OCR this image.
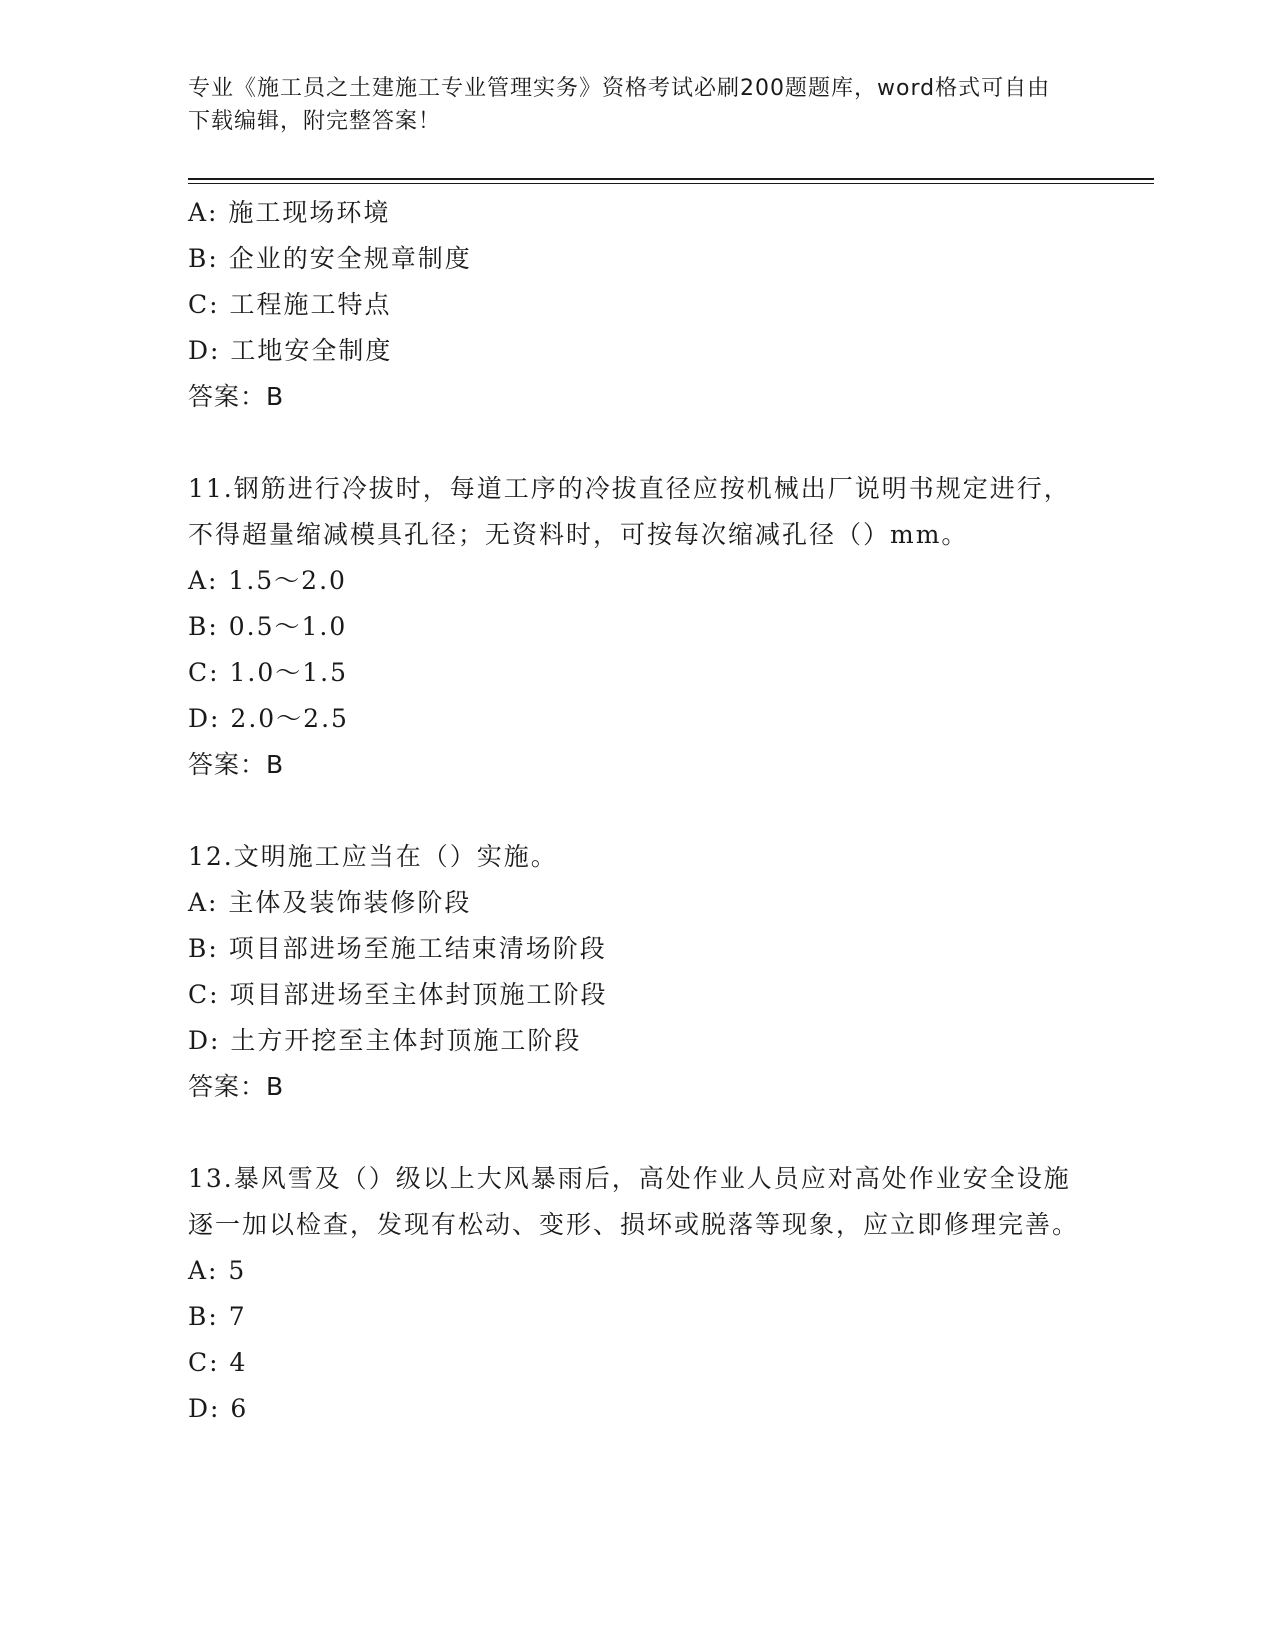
专业《施工员之土建施工专业管理实务》资格考试必刷200题题库，word格式可自由下载编辑，附完整答案！
A: 施工现场环境
B: 企业的安全规章制度
C: 工程施工特点
D: 工地安全制度
答案：B
11.钢筋进行冷拔时，每道工序的冷拔直径应按机械出厂说明书规定进行，不得超量缩减模具孔径；无资料时，可按每次缩减孔径（）mm。
A: 1.5～2.0
B: 0.5～1.0
C: 1.0～1.5
D: 2.0～2.5
答案：B
12.文明施工应当在（）实施。
A: 主体及装饰装修阶段
B: 项目部进场至施工结束清场阶段
C: 项目部进场至主体封顶施工阶段
D: 土方开挖至主体封顶施工阶段
答案：B
13.暴风雪及（）级以上大风暴雨后，高处作业人员应对高处作业安全设施逐一加以检查，发现有松动、变形、损坏或脱落等现象，应立即修理完善。
A: 5
B: 7
C: 4
D: 6
